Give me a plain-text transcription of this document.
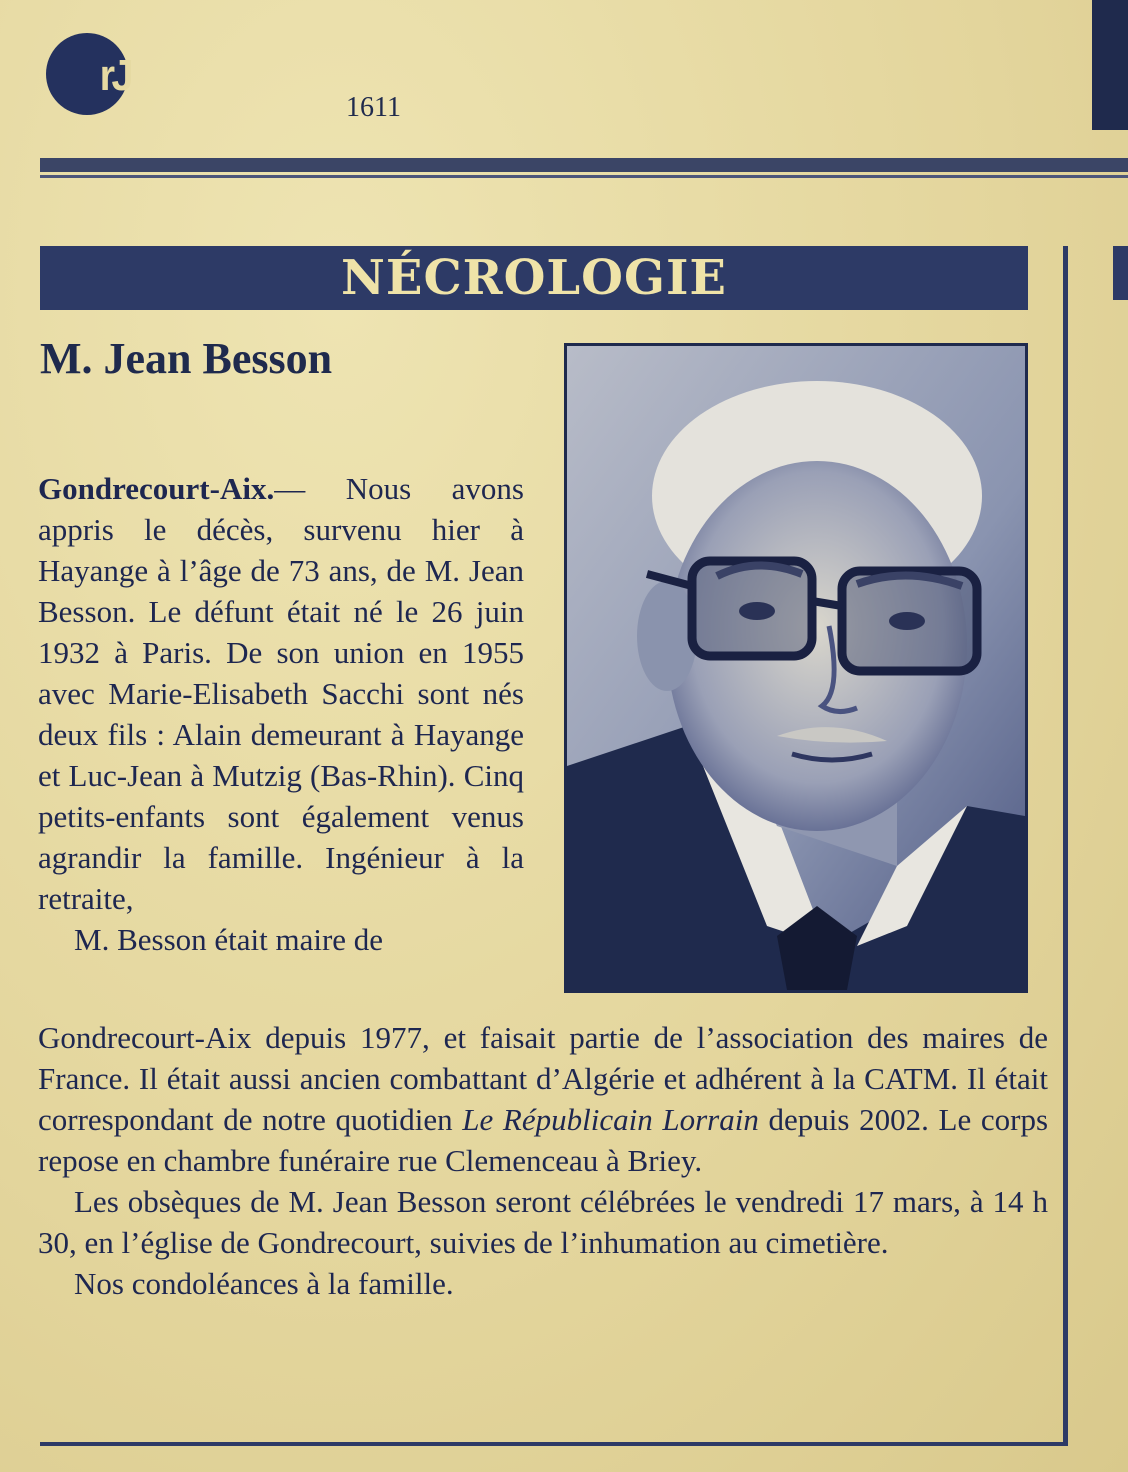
rJ
1611
NÉCROLOGIE
M. Jean Besson
Gondrecourt-Aix.— Nous avons appris le décès, survenu hier à Hayange à l’âge de 73 ans, de M. Jean Besson. Le défunt était né le 26 juin 1932 à Paris. De son union en 1955 avec Marie-Elisabeth Sacchi sont nés deux fils : Alain demeurant à Hayange et Luc-Jean à Mutzig (Bas-Rhin). Cinq petits-enfants sont également venus agrandir la famille. Ingénieur à la retraite,
M. Besson était maire de

Gondrecourt-Aix depuis 1977, et faisait partie de l’association des maires de France. Il était aussi ancien combattant d’Algérie et adhérent à la CATM. Il était correspondant de notre quotidien Le Républicain Lorrain depuis 2002. Le corps repose en chambre funéraire rue Clemenceau à Briey.

Les obsèques de M. Jean Besson seront célébrées le vendredi 17 mars, à 14 h 30, en l’église de Gondrecourt, suivies de l’inhumation au cimetière.

Nos condoléances à la famille.
